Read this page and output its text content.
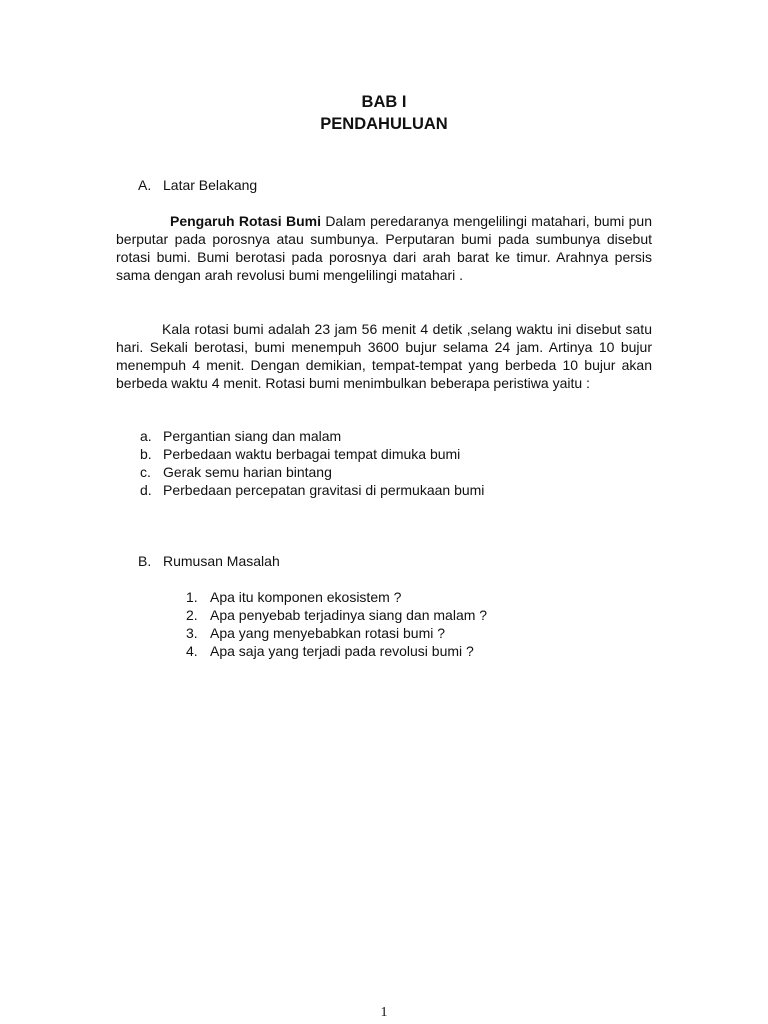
BAB I
PENDAHULUAN
A. Latar Belakang

Pengaruh Rotasi Bumi Dalam peredaranya mengelilingi matahari, bumi pun berputar pada porosnya atau sumbunya. Perputaran bumi pada sumbunya disebut rotasi bumi. Bumi berotasi pada porosnya dari arah barat ke timur. Arahnya persis sama dengan arah revolusi bumi mengelilingi matahari .

Kala rotasi bumi adalah 23 jam 56 menit 4 detik ,selang waktu ini disebut satu hari. Sekali berotasi, bumi menempuh 3600 bujur selama 24 jam. Artinya 10 bujur menempuh 4 menit. Dengan demikian, tempat-tempat yang berbeda 10 bujur akan berbeda waktu 4 menit. Rotasi bumi menimbulkan beberapa peristiwa yaitu :

a. Pergantian siang dan malam
b. Perbedaan waktu berbagai tempat dimuka bumi
c. Gerak semu harian bintang
d. Perbedaan percepatan gravitasi di permukaan bumi
B. Rumusan Masalah
1. Apa itu komponen ekosistem ?
2. Apa penyebab terjadinya siang dan malam ?
3. Apa yang menyebabkan rotasi bumi ?
4. Apa saja yang terjadi pada revolusi bumi ?
1
